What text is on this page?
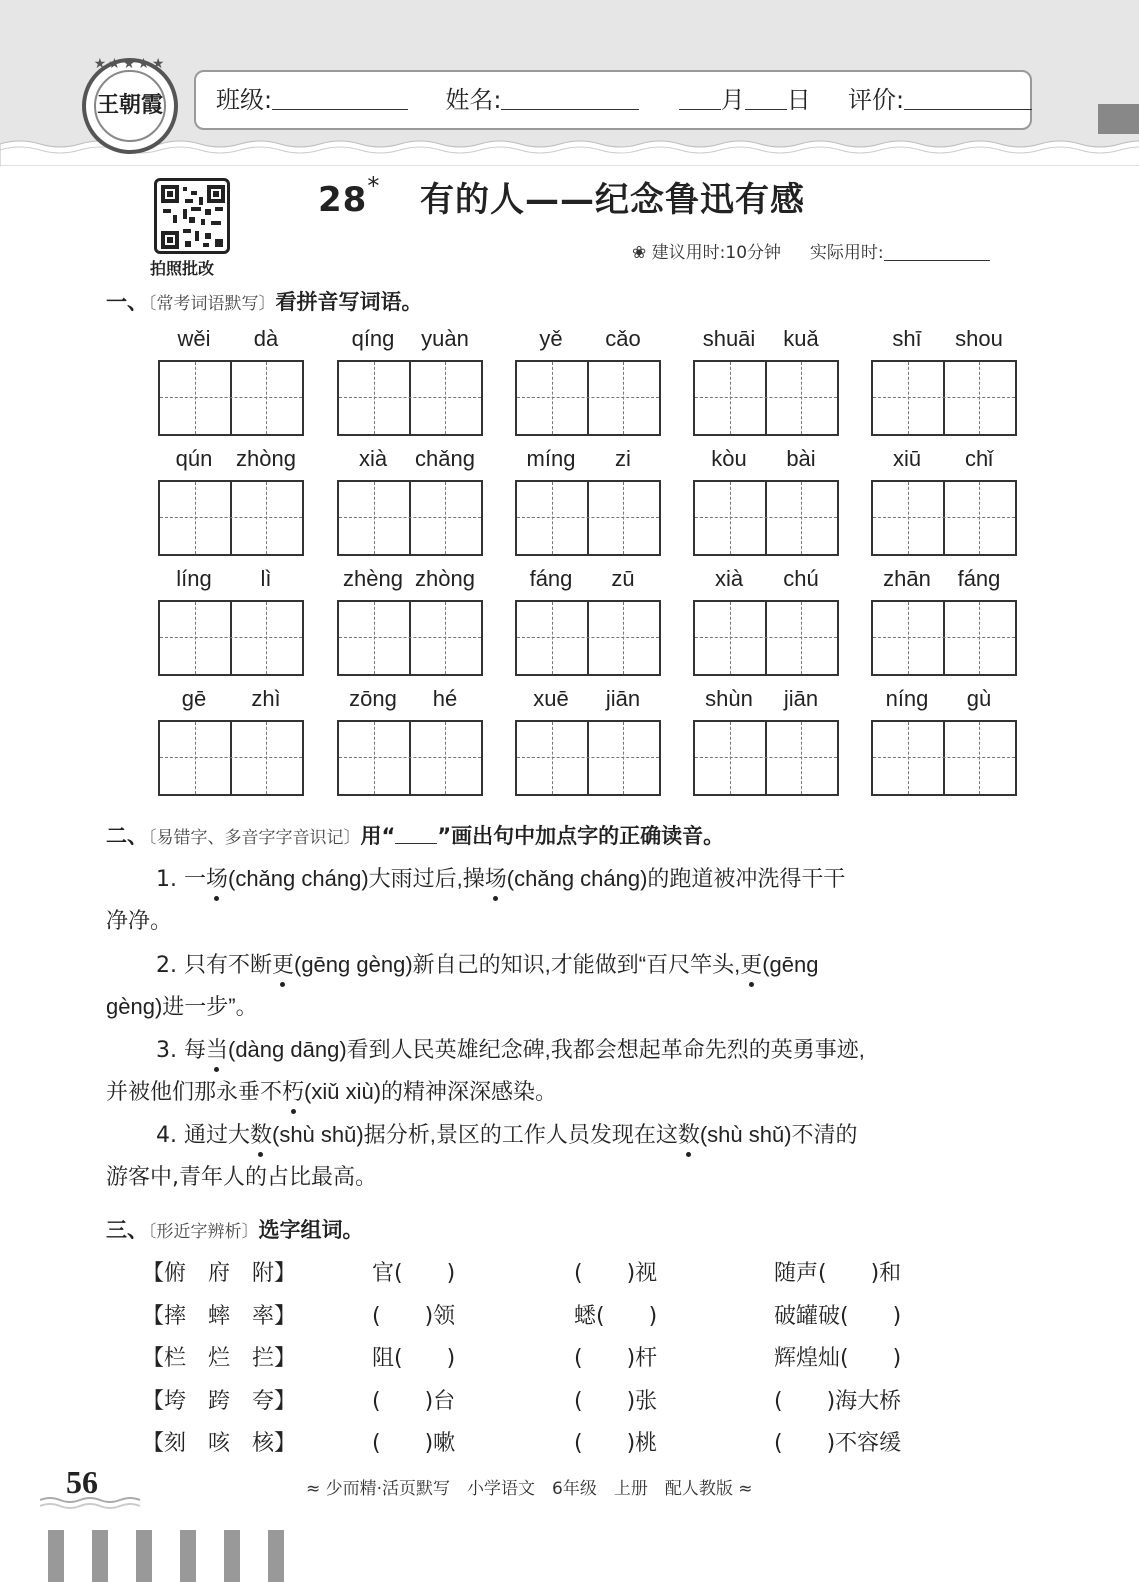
★★★★★
王朝霞	班级:	姓名:	月 日 评价:
拍照批改
28* 有的人——纪念鲁迅有感
❀ 建议用时:10分钟 实际用时:
一、〔常考词语默写〕看拼音写词语。
wěi	dà	qíng	yuàn	yě	cǎo	shuāi	kuǎ	shī	shou
qún	zhòng	xià	chǎng	míng	zi	kòu	bài	xiū	chǐ
líng	lì	zhèng zhòng	fáng	zū	xià	chú	zhān	fáng
gē	zhì	zōng	hé	xuē	jiān	shùn	jiān	níng	gù
二、〔易错字、多音字字音识记〕用“ ”画出句中加点字的正确读音。
1. 一场(chǎng cháng)大雨过后,操场(chǎng cháng)的跑道被冲洗得干干
净净。
2. 只有不断更(gēng gèng)新自己的知识,才能做到“百尺竿头,更(gēng
gèng)进一步”。
3. 每当(dàng dāng)看到人民英雄纪念碑,我都会想起革命先烈的英勇事迹,
并被他们那永垂不朽(xiǔ xiù)的精神深深感染。
4. 通过大数(shù shǔ)据分析,景区的工作人员发现在这数(shù shǔ)不清的
游客中,青年人的占比最高。
三、〔形近字辨析〕选字组词。
【俯　府　附】	官(　　)	(　　)视	随声(　　)和
【摔　蟀　率】	(　　)领	蟋(　　)	破罐破(　　)
【栏　烂　拦】	阻(　　)	(　　)杆	辉煌灿(　　)
【垮　跨　夸】	(　　)台	(　　)张	(　　)海大桥
【刻　咳　核】	(　　)嗽	(　　)桃	(　　)不容缓
56	≈ 少而精·活页默写　小学语文　6年级　上册　配人教版 ≈
